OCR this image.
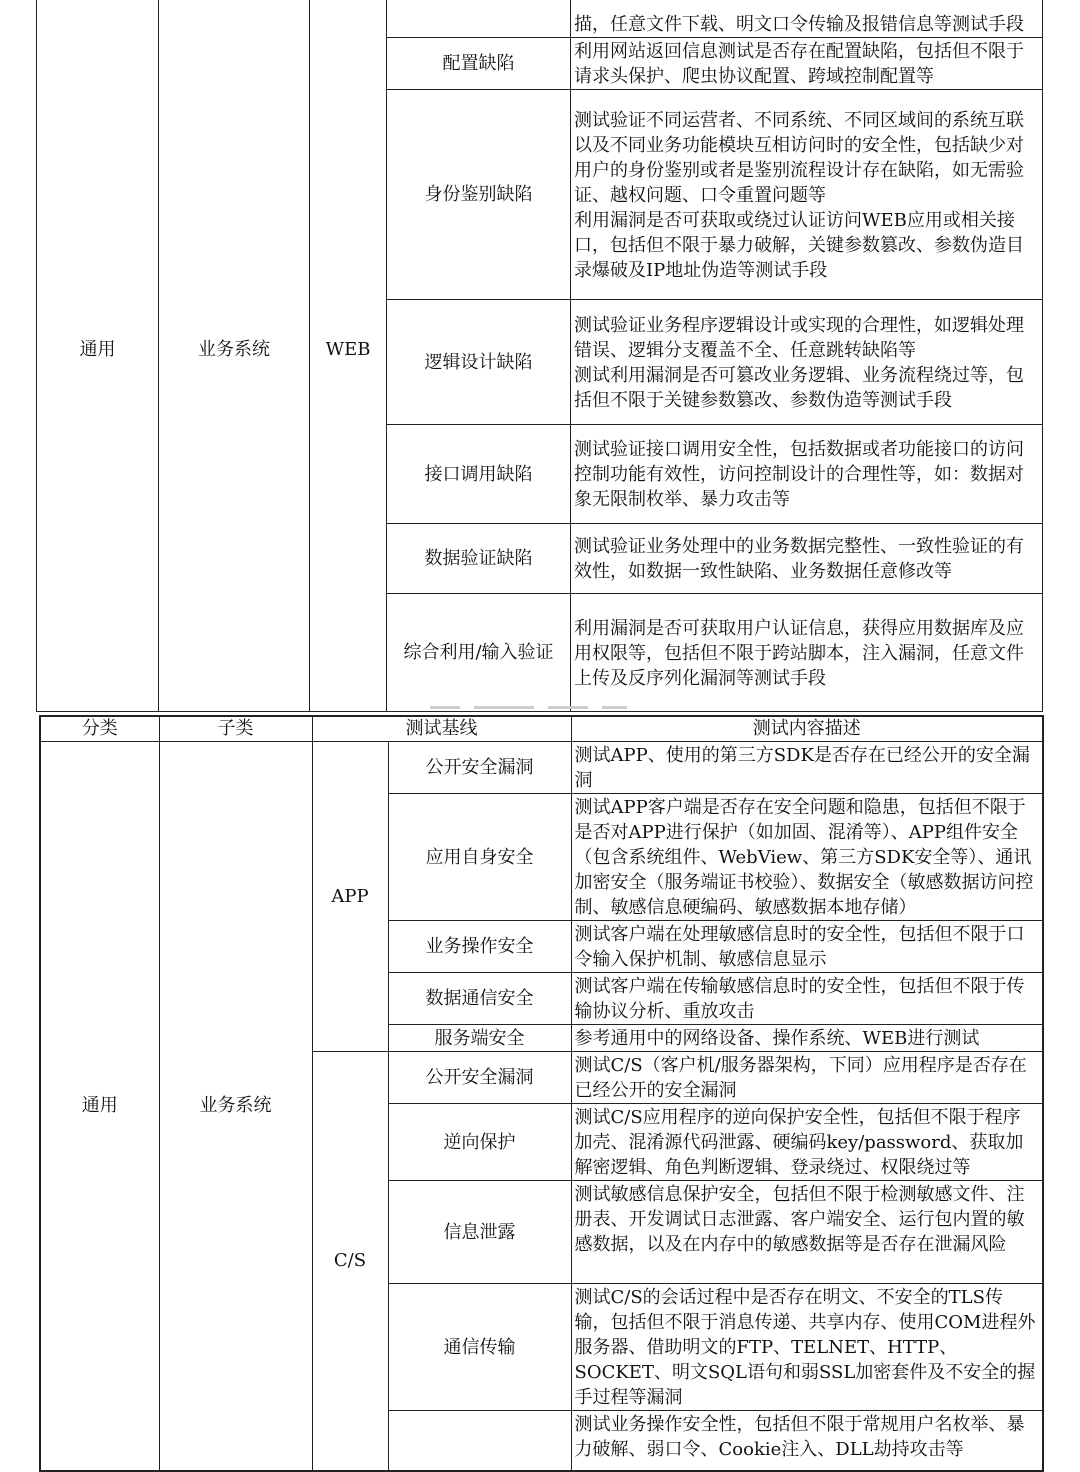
通用	业务系统	WEB		描，任意文件下载、明文口令传输及报错信息等测试手段
			配置缺陷	利用网站返回信息测试是否存在配置缺陷，包括但不限于请求头保护、爬虫协议配置、跨域控制配置等
			身份鉴别缺陷	测试验证不同运营者、不同系统、不同区域间的系统互联以及不同业务功能模块互相访问时的安全性，包括缺少对用户的身份鉴别或者是鉴别流程设计存在缺陷，如无需验证、越权问题、口令重置问题等
利用漏洞是否可获取或绕过认证访问WEB应用或相关接口，包括但不限于暴力破解，关键参数篡改、参数伪造目录爆破及IP地址伪造等测试手段
			逻辑设计缺陷	测试验证业务程序逻辑设计或实现的合理性，如逻辑处理错误、逻辑分支覆盖不全、任意跳转缺陷等
测试利用漏洞是否可篡改业务逻辑、业务流程绕过等，包括但不限于关键参数篡改、参数伪造等测试手段
			接口调用缺陷	测试验证接口调用安全性，包括数据或者功能接口的访问控制功能有效性，访问控制设计的合理性等，如：数据对象无限制枚举、暴力攻击等
			数据验证缺陷	测试验证业务处理中的业务数据完整性、一致性验证的有效性，如数据一致性缺陷、业务数据任意修改等
			综合利用/输入验证	利用漏洞是否可获取用户认证信息，获得应用数据库及应用权限等，包括但不限于跨站脚本，注入漏洞，任意文件上传及反序列化漏洞等测试手段
分类	子类	测试基线		测试内容描述
通用	业务系统	APP	公开安全漏洞	测试APP、使用的第三方SDK是否存在已经公开的安全漏洞
			应用自身安全	测试APP客户端是否存在安全问题和隐患，包括但不限于是否对APP进行保护（如加固、混淆等）、APP组件安全（包含系统组件、WebView、第三方SDK安全等）、通讯加密安全（服务端证书校验）、数据安全（敏感数据访问控制、敏感信息硬编码、敏感数据本地存储）
			业务操作安全	测试客户端在处理敏感信息时的安全性，包括但不限于口令输入保护机制、敏感信息显示
			数据通信安全	测试客户端在传输敏感信息时的安全性，包括但不限于传输协议分析、重放攻击
			服务端安全	参考通用中的网络设备、操作系统、WEB进行测试
		C/S	公开安全漏洞	测试C/S（客户机/服务器架构，下同）应用程序是否存在已经公开的安全漏洞
			逆向保护	测试C/S应用程序的逆向保护安全性，包括但不限于程序加壳、混淆源代码泄露、硬编码key/password、获取加解密逻辑、角色判断逻辑、登录绕过、权限绕过等
			信息泄露	测试敏感信息保护安全，包括但不限于检测敏感文件、注册表、开发调试日志泄露、客户端安全、运行包内置的敏感数据，以及在内存中的敏感数据等是否存在泄漏风险
			通信传输	测试C/S的会话过程中是否存在明文、不安全的TLS传输，包括但不限于消息传递、共享内存、使用COM进程外服务器、借助明文的FTP、TELNET、HTTP、SOCKET、明文SQL语句和弱SSL加密套件及不安全的握手过程等漏洞
				测试业务操作安全性，包括但不限于常规用户名枚举、暴力破解、弱口令、Cookie注入、DLL劫持攻击等
